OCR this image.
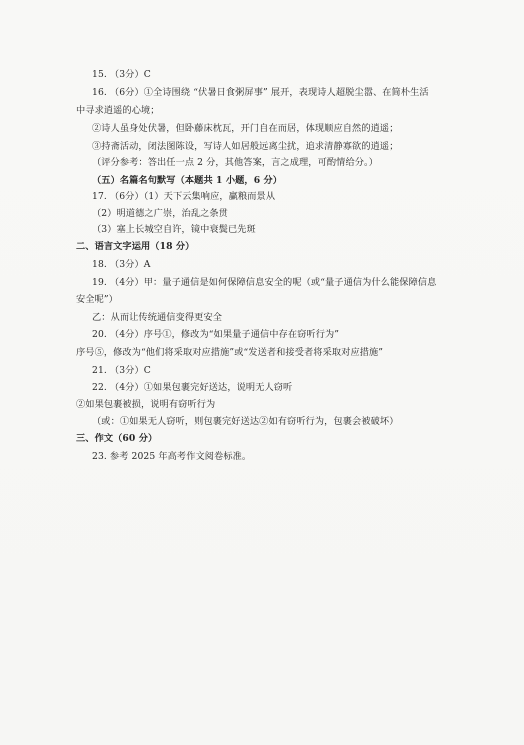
15. （3分）C
16. （6分）①全诗围绕 “伏暑日食粥屏事” 展开，表现诗人超脱尘嚣、在简朴生活
中寻求逍遥的心境；
②诗人虽身处伏暑，但卧藤床枕瓦，开门自在而居，体现顺应自然的逍遥；
③持斋活动，闭法图陈设，写诗人如居般远离尘扰，追求清静寡欲的逍遥；
（评分参考：答出任一点 2 分，其他答案，言之成理，可酌情给分。）
（五）名篇名句默写（本题共 1 小题，6 分）
17. （6分）（1）天下云集响应，赢粮而景从
（2）明道德之广崇，治乱之条贯
（3）塞上长城空自许，镜中衰鬓已先斑
二、语言文字运用（18 分）
18. （3分）A
19. （4分）甲：量子通信是如何保障信息安全的呢（或“量子通信为什么能保障信息
安全呢”）
乙：从而让传统通信变得更安全
20. （4分）序号①，修改为“如果量子通信中存在窃听行为”
序号⑤，修改为“他们将采取对应措施”或“发送者和接受者将采取对应措施”
21. （3分）C
22. （4分）①如果包裹完好送达，说明无人窃听
②如果包裹被损，说明有窃听行为
（或：①如果无人窃听，则包裹完好送达②如有窃听行为，包裹会被破坏）
三、作文（60 分）
23. 参考 2025 年高考作文阅卷标准。
